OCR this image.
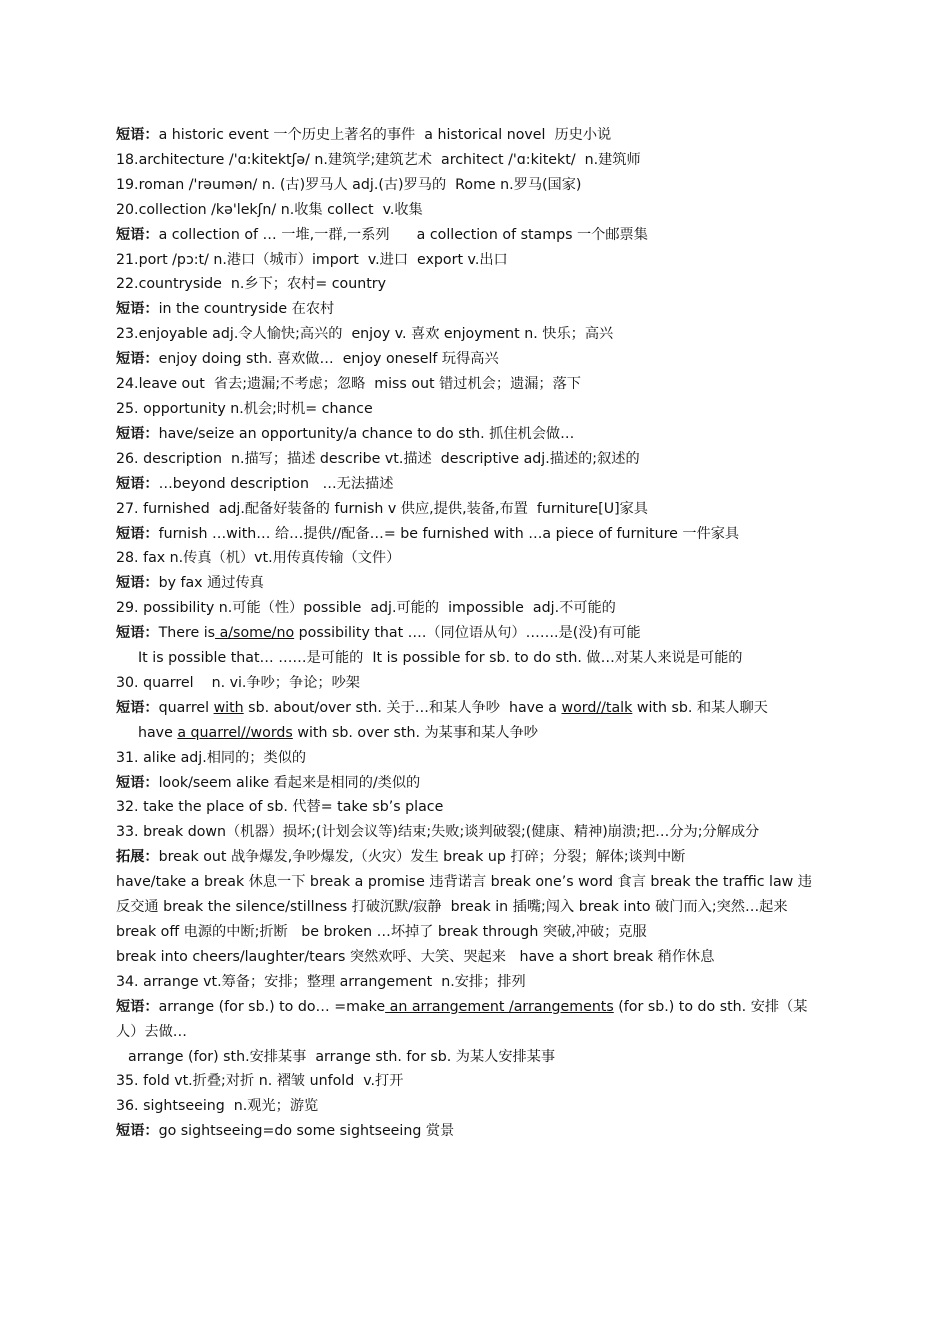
短语：a historic event 一个历史上著名的事件  a historical novel  历史小说
18.architecture /'ɑ:kitektʃə/ n.建筑学;建筑艺术  architect /'ɑ:kitekt/  n.建筑师
19.roman /'rəumən/ n. (古)罗马人 adj.(古)罗马的  Rome n.罗马(国家)
20.collection /kə'lekʃn/ n.收集 collect  v.收集
短语：a collection of … 一堆,一群,一系列      a collection of stamps 一个邮票集
21.port /pɔ:t/ n.港口（城市）import  v.进口  export v.出口
22.countryside  n.乡下；农村= country
短语：in the countryside 在农村
23.enjoyable adj.令人愉快;高兴的  enjoy v. 喜欢 enjoyment n. 快乐；高兴
短语：enjoy doing sth. 喜欢做…  enjoy oneself 玩得高兴
24.leave out  省去;遗漏;不考虑；忽略  miss out 错过机会；遗漏；落下
25. opportunity n.机会;时机= chance
短语：have/seize an opportunity/a chance to do sth. 抓住机会做…
26. description  n.描写；描述 describe vt.描述  descriptive adj.描述的;叙述的
短语：…beyond description   …无法描述
27. furnished  adj.配备好装备的 furnish v 供应,提供,装备,布置  furniture[U]家具
短语：furnish …with… 给…提供//配备…= be furnished with …a piece of furniture 一件家具
28. fax n.传真（机）vt.用传真传输（文件）
短语：by fax 通过传真
29. possibility n.可能（性）possible  adj.可能的  impossible  adj.不可能的
短语：There is a/some/no possibility that ….（同位语从句）…….是(没)有可能
It is possible that… ……是可能的  It is possible for sb. to do sth. 做…对某人来说是可能的
30. quarrel    n. vi.争吵；争论；吵架
短语：quarrel with sb. about/over sth. 关于…和某人争吵  have a word//talk with sb. 和某人聊天
have a quarrel//words with sb. over sth. 为某事和某人争吵
31. alike adj.相同的；类似的
短语：look/seem alike 看起来是相同的/类似的
32. take the place of sb. 代替= take sb’s place
33. break down（机器）损坏;(计划会议等)结束;失败;谈判破裂;(健康、精神)崩溃;把…分为;分解成分
拓展：break out 战争爆发,争吵爆发,（火灾）发生 break up 打碎；分裂；解体;谈判中断
have/take a break 休息一下 break a promise 违背诺言 break one’s word 食言 break the traffic law 违反交通 break the silence/stillness 打破沉默/寂静  break in 插嘴;闯入 break into 破门而入;突然…起来
break off 电源的中断;折断   be broken …坏掉了 break through 突破,冲破；克服
break into cheers/laughter/tears 突然欢呼、大笑、哭起来   have a short break 稍作休息
34. arrange vt.筹备；安排；整理 arrangement  n.安排；排列
短语：arrange (for sb.) to do… =make an arrangement /arrangements (for sb.) to do sth. 安排（某人）去做…
arrange (for) sth.安排某事  arrange sth. for sb. 为某人安排某事
35. fold vt.折叠;对折 n. 褶皱 unfold  v.打开
36. sightseeing  n.观光；游览
短语：go sightseeing=do some sightseeing 赏景
